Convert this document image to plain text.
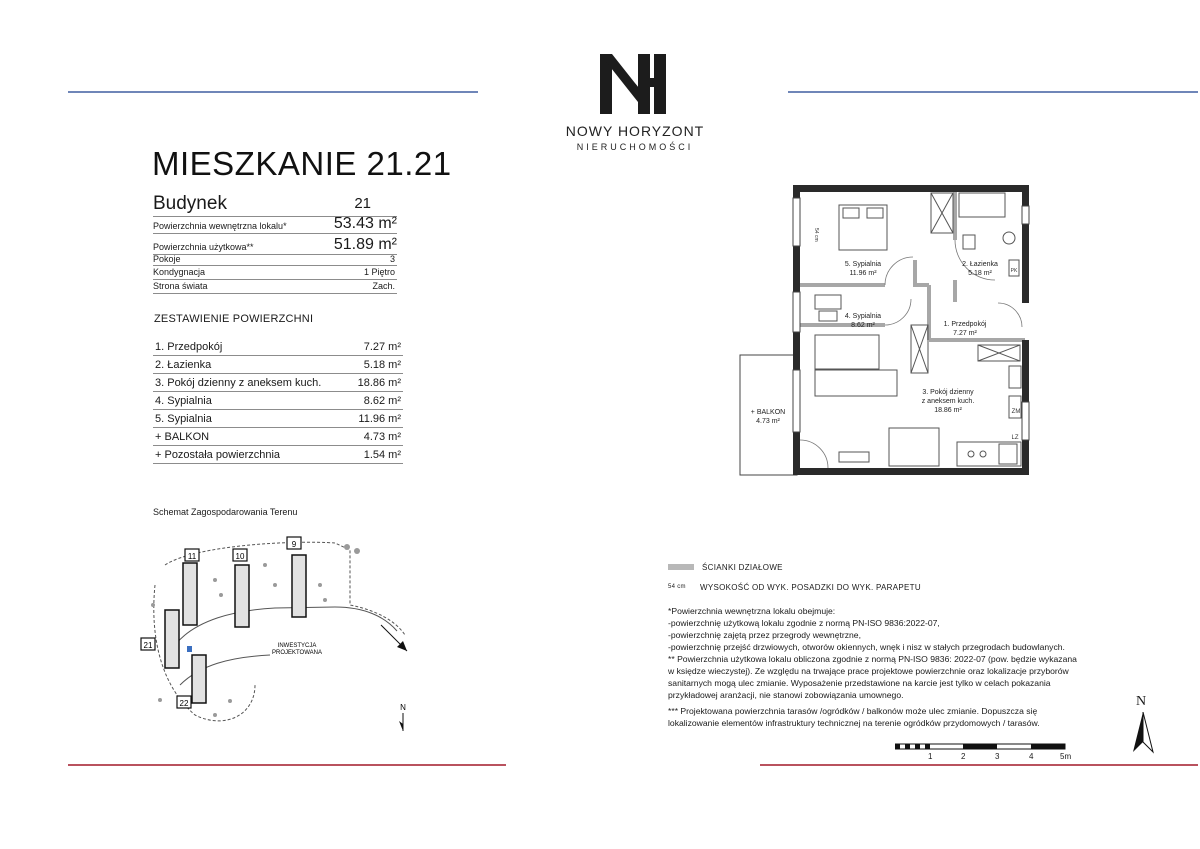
NOWY HORYZONT
NIERUCHOMOŚCI
MIESZKANIE 21.21
Budynek	21
Powierzchnia wewnętrzna lokalu*	53.43 m²
Powierzchnia użytkowa**	51.89 m²
Pokoje	3
Kondygnacja	1 Piętro
Strona świata	Zach.
ZESTAWIENIE POWIERZCHNI
1. Przedpokój	7.27 m²
2. Łazienka	5.18 m²
3. Pokój dzienny z aneksem kuch.	18.86 m²
4. Sypialnia	8.62 m²
5. Sypialnia	11.96 m²
+ BALKON	4.73 m²
+ Pozostała powierzchnia	1.54 m²
Schemat Zagospodarowania Terenu
11	10
9
21
22
INWESTYCJA
PROJEKTOWANA
N
54 cm
ZM
LZ
PK
5. Sypialnia
11.96 m²
2. Łazienka
5.18 m²
4. Sypialnia
8.62 m²	1. Przedpokój
7.27 m²
3. Pokój dzienny
z aneksem kuch.
18.86 m²
+ BALKON
4.73 m²
ŚCIANKI DZIAŁOWE
54 cm WYSOKOŚĆ OD WYK. POSADZKI DO WYK. PARAPETU
*Powierzchnia wewnętrzna lokalu obejmuje:
-powierzchnię użytkową lokalu zgodnie z normą PN-ISO 9836:2022-07,
-powierzchnię zajętą przez przegrody wewnętrzne,
-powierzchnię przejść drzwiowych, otworów okiennych, wnęk i nisz w stałych przegrodach budowlanych.
** Powierzchnia użytkowa lokalu obliczona zgodnie z normą PN-ISO 9836: 2022-07 (pow. będzie wykazana
w księdze wieczystej). Ze względu na trwające prace projektowe powierzchnie oraz lokalizacje przyborów
sanitarnych mogą ulec zmianie. Wyposażenie przedstawione na karcie jest tylko w celach pokazania
przykładowej aranżacji, nie stanowi zobowiązania umownego.
*** Projektowana powierzchnia tarasów /ogródków / balkonów może ulec zmianie. Dopuszcza się
lokalizowanie elementów infrastruktury technicznej na terenie ogródków przydomowych / tarasów.
N
1	2	3	4	5m
